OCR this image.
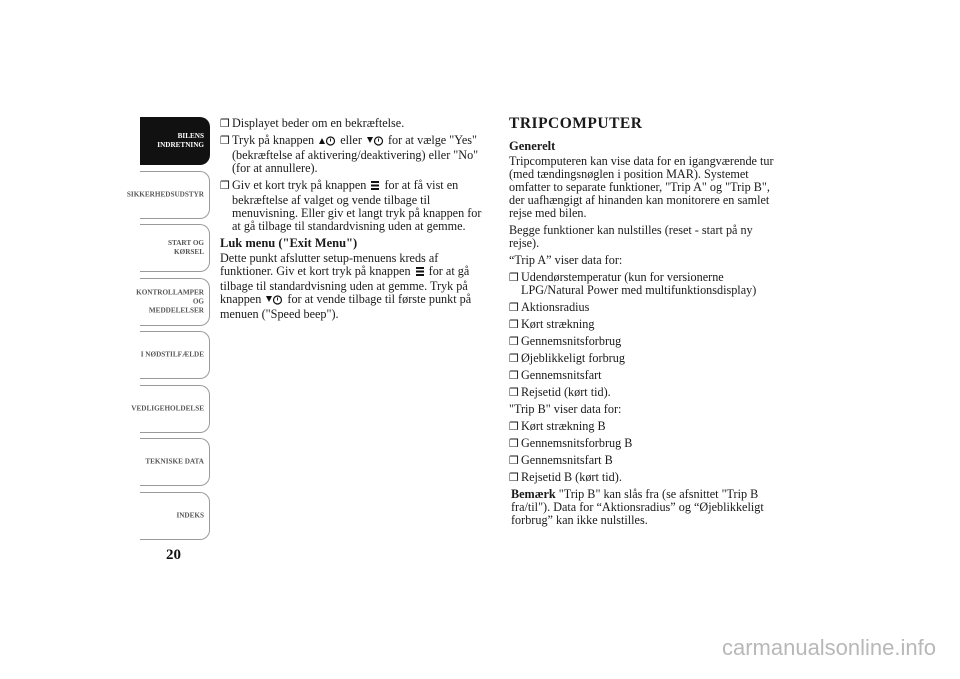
BILENS
INDRETNING
SIKKERHEDSUDSTYR
START OG KØRSEL
KONTROLLAMPER
OG MEDDELELSER
I NØDSTILFÆLDE
VEDLIGEHOLDELSE
TEKNISKE DATA
INDEKS
20
❒ Displayet beder om en bekræftelse.
❒ Tryk på knappen eller for at vælge "Yes" (bekræftelse af aktivering/deaktivering) eller "No" (for at annullere).
❒ Giv et kort tryk på knappen for at få vist en bekræftelse af valget og vende tilbage til menuvisning. Eller giv et langt tryk på knappen for at gå tilbage til standardvisning uden at gemme.
Luk menu ("Exit Menu")
Dette punkt afslutter setup-menuens kreds af funktioner. Giv et kort tryk på knappen for at gå tilbage til standardvisning uden at gemme. Tryk på knappen for at vende tilbage til første punkt på menuen ("Speed beep").
TRIPCOMPUTER
Generelt
Tripcomputeren kan vise data for en igangværende tur (med tændingsnøglen i position MAR). Systemet omfatter to separate funktioner, "Trip A" og "Trip B", der uafhængigt af hinanden kan monitorere en samlet rejse med bilen.
Begge funktioner kan nulstilles (reset - start på ny rejse).
“Trip A” viser data for:
❒ Udendørstemperatur (kun for versionerne LPG/Natural Power med multifunktionsdisplay)
❒ Aktionsradius
❒ Kørt strækning
❒ Gennemsnitsforbrug
❒ Øjeblikkeligt forbrug
❒ Gennemsnitsfart
❒ Rejsetid (kørt tid).
"Trip B" viser data for:
❒ Kørt strækning B
❒ Gennemsnitsforbrug B
❒ Gennemsnitsfart B
❒ Rejsetid B (kørt tid).
Bemærk "Trip B" kan slås fra (se afsnittet "Trip B fra/til"). Data for “Aktionsradius” og “Øjeblikkeligt forbrug” kan ikke nulstilles.
carmanualsonline.info
